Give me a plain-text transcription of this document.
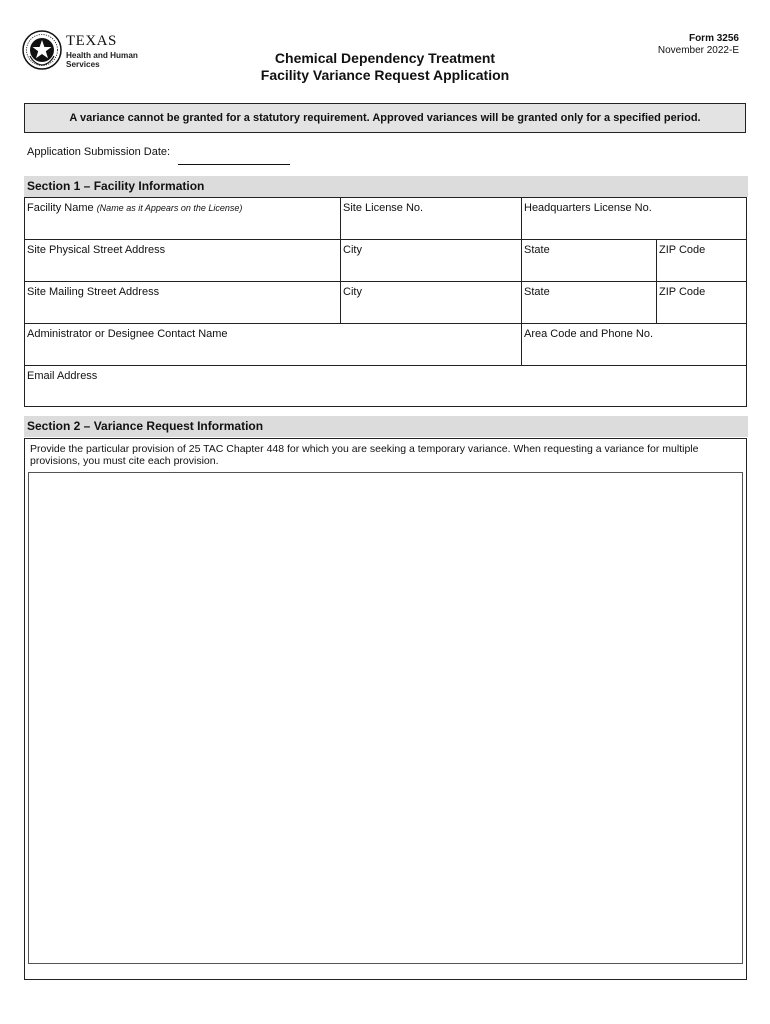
TEXAS
Health and Human
Services	Chemical Dependency Treatment
Facility Variance Request Application
Form 3256
November 2022-E
A variance cannot be granted for a statutory requirement. Approved variances will be granted only for a specified period.
Application Submission Date:
Section 1 – Facility Information
Facility Name (Name as it Appears on the License)	Site License No.	Headquarters License No.
Site Physical Street Address	City	State	ZIP Code
Site Mailing Street Address	City	State	ZIP Code
Administrator or Designee Contact Name	Area Code and Phone No.
Email Address
Section 2 – Variance Request Information
Provide the particular provision of 25 TAC Chapter 448 for which you are seeking a temporary variance. When requesting a variance for multiple provisions, you must cite each provision.
